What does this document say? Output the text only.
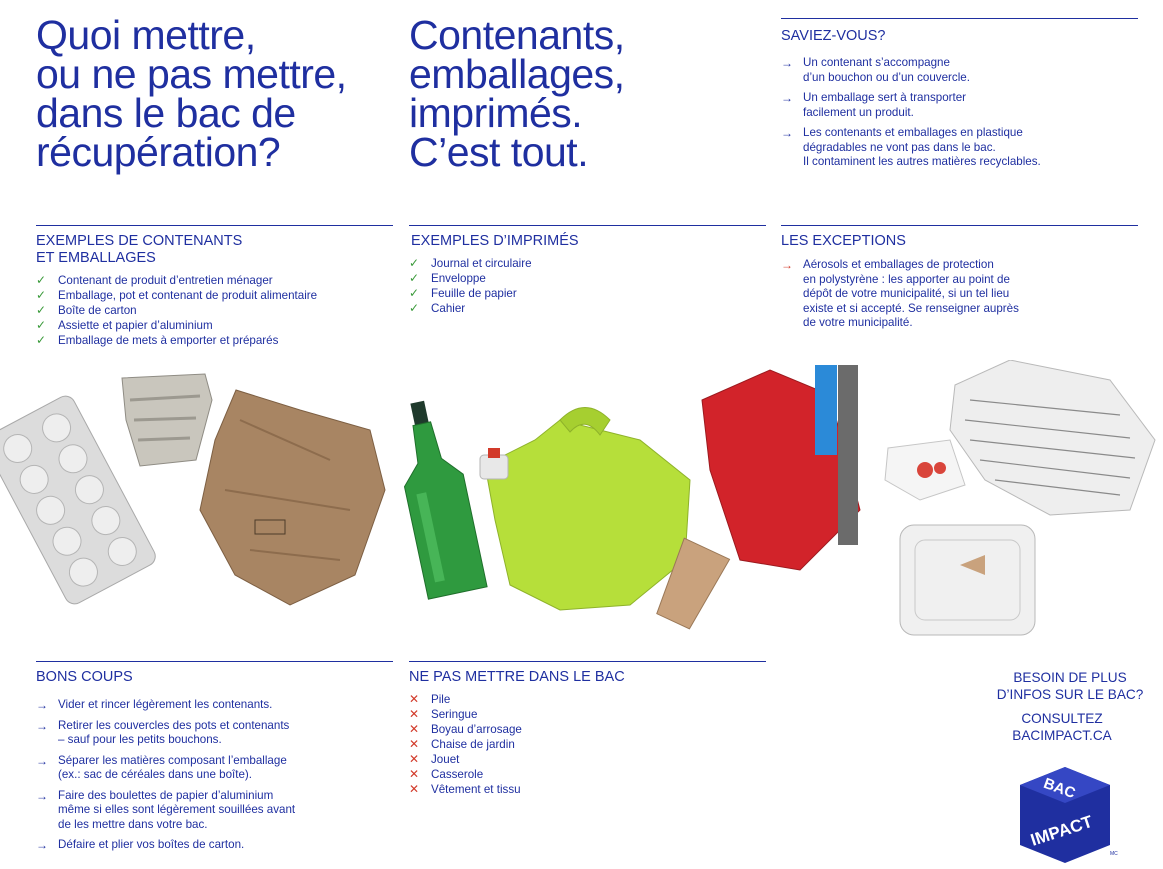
Quoi mettre,
ou ne pas mettre,
dans le bac de
récupération?
Contenants,
emballages,
imprimés.
C’est tout.
SAVIEZ-VOUS?
→ Un contenant s’accompagne
d’un bouchon ou d’un couvercle.
→ Un emballage sert à transporter
facilement un produit.
→ Les contenants et emballages en plastique
dégradables ne vont pas dans le bac.
Il contaminent les autres matières recyclables.
EXEMPLES DE CONTENANTS
ET EMBALLAGES
✓	Contenant de produit d’entretien ménager
✓	Emballage, pot et contenant de produit alimentaire
✓	Boîte de carton
✓	Assiette et papier d’aluminium
✓	Emballage de mets à emporter et préparés
EXEMPLES D’IMPRIMÉS
✓	Journal et circulaire
✓	Enveloppe
✓	Feuille de papier
✓	Cahier
LES EXCEPTIONS
→ Aérosols et emballages de protection
en polystyrène : les apporter au point de
dépôt de votre municipalité, si un tel lieu
existe et si accepté. Se renseigner auprès
de votre municipalité.
BONS COUPS
→ Vider et rincer légèrement les contenants.
→ Retirer les couvercles des pots et contenants
– sauf pour les petits bouchons.
→ Séparer les matières composant l’emballage
(ex.: sac de céréales dans une boîte).
→ Faire des boulettes de papier d’aluminium
même si elles sont légèrement souillées avant
de les mettre dans votre bac.
→ Défaire et plier vos boîtes de carton.
NE PAS METTRE DANS LE BAC
✕	Pile
✕	Seringue
✕	Boyau d’arrosage
✕	Chaise de jardin
✕	Jouet
✕	Casserole
✕	Vêtement et tissu
BESOIN DE PLUS
D’INFOS SUR LE BAC?
CONSULTEZ
BACIMPACT.CA
BAC
IMPACT
MC
